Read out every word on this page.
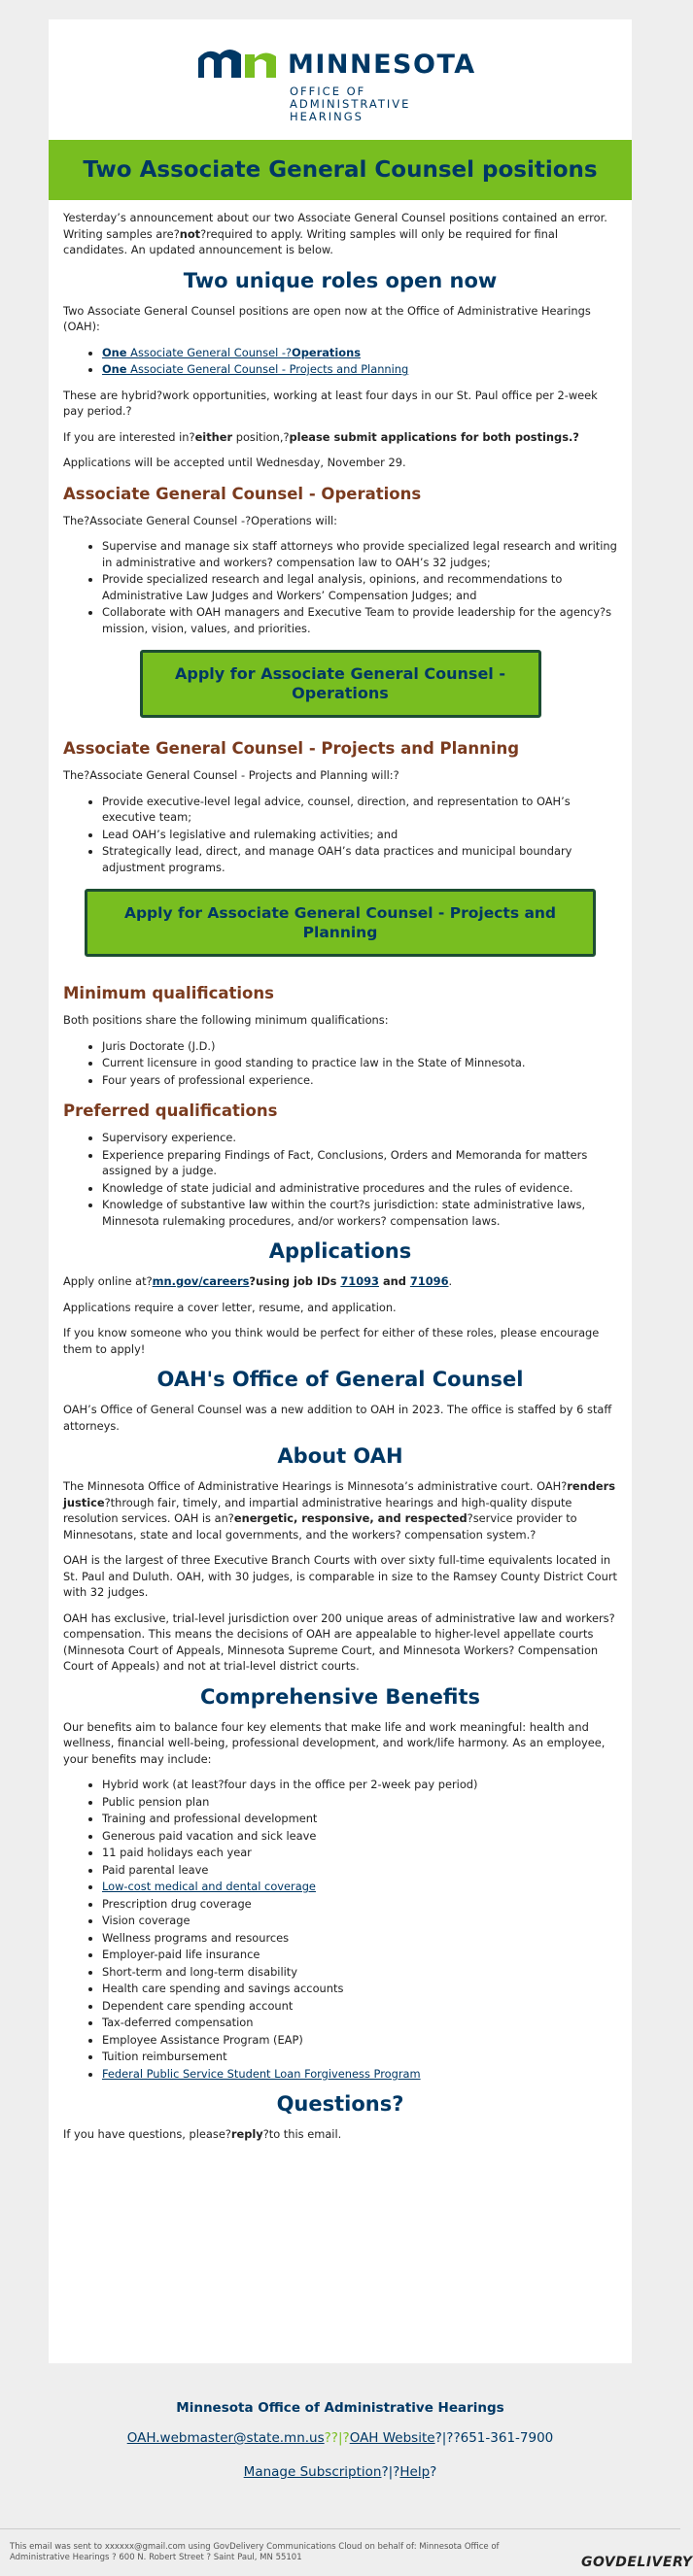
MINNESOTA
OFFICE OF
ADMINISTRATIVE
HEARINGS
Two Associate General Counsel positions

Yesterday’s announcement about our two Associate General Counsel positions contained an error. Writing samples are?not?required to apply. Writing samples will only be required for final candidates. An updated announcement is below.

Two unique roles open now

Two Associate General Counsel positions are open now at the Office of Administrative Hearings (OAH):

• One Associate General Counsel -?Operations
• One Associate General Counsel - Projects and Planning

These are hybrid?work opportunities, working at least four days in our St. Paul office per 2-week pay period.?

If you are interested in?either position,?please submit applications for both postings.?

Applications will be accepted until Wednesday, November 29.

Associate General Counsel - Operations

The?Associate General Counsel -?Operations will:

• Supervise and manage six staff attorneys who provide specialized legal research and writing in administrative and workers? compensation law to OAH’s 32 judges;
• Provide specialized research and legal analysis, opinions, and recommendations to Administrative Law Judges and Workers’ Compensation Judges; and
• Collaborate with OAH managers and Executive Team to provide leadership for the agency?s mission, vision, values, and priorities.
Apply for Associate General Counsel - Operations
Associate General Counsel - Projects and Planning

The?Associate General Counsel - Projects and Planning will:?

• Provide executive-level legal advice, counsel, direction, and representation to OAH’s executive team;
• Lead OAH’s legislative and rulemaking activities; and
• Strategically lead, direct, and manage OAH’s data practices and municipal boundary adjustment programs.
Apply for Associate General Counsel - Projects and Planning
Minimum qualifications

Both positions share the following minimum qualifications:

• Juris Doctorate (J.D.)
• Current licensure in good standing to practice law in the State of Minnesota.
• Four years of professional experience.
Preferred qualifications
• Supervisory experience.
• Experience preparing Findings of Fact, Conclusions, Orders and Memoranda for matters assigned by a judge.
• Knowledge of state judicial and administrative procedures and the rules of evidence.
• Knowledge of substantive law within the court?s jurisdiction: state administrative laws, Minnesota rulemaking procedures, and/or workers? compensation laws.
Applications

Apply online at?mn.gov/careers?using job IDs 71093 and 71096.

Applications require a cover letter, resume, and application.

If you know someone who you think would be perfect for either of these roles, please encourage them to apply!

OAH's Office of General Counsel

OAH’s Office of General Counsel was a new addition to OAH in 2023. The office is staffed by 6 staff attorneys.

About OAH

The Minnesota Office of Administrative Hearings is Minnesota’s administrative court. OAH?renders justice?through fair, timely, and impartial administrative hearings and high-quality dispute resolution services. OAH is an?energetic, responsive, and respected?service provider to Minnesotans, state and local governments, and the workers? compensation system.?

OAH is the largest of three Executive Branch Courts with over sixty full-time equivalents located in St. Paul and Duluth. OAH, with 30 judges, is comparable in size to the Ramsey County District Court with 32 judges.

OAH has exclusive, trial-level jurisdiction over 200 unique areas of administrative law and workers? compensation. This means the decisions of OAH are appealable to higher-level appellate courts (Minnesota Court of Appeals, Minnesota Supreme Court, and Minnesota Workers? Compensation Court of Appeals) and not at trial-level district courts.

Comprehensive Benefits

Our benefits aim to balance four key elements that make life and work meaningful: health and wellness, financial well-being, professional development, and work/life harmony. As an employee, your benefits may include:

• Hybrid work (at least?four days in the office per 2-week pay period)
• Public pension plan
• Training and professional development
• Generous paid vacation and sick leave
• 11 paid holidays each year
• Paid parental leave
• Low-cost medical and dental coverage
• Prescription drug coverage
• Vision coverage
• Wellness programs and resources
• Employer-paid life insurance
• Short-term and long-term disability
• Health care spending and savings accounts
• Dependent care spending account
• Tax-deferred compensation
• Employee Assistance Program (EAP)
• Tuition reimbursement
• Federal Public Service Student Loan Forgiveness Program
Questions?

If you have questions, please?reply?to this email.

Minnesota Office of Administrative Hearings
OAH.webmaster@state.mn.us??|?OAH Website?|??651-361-7900
Manage Subscription?|?Help?
This email was sent to xxxxxx@gmail.com using GovDelivery Communications Cloud on behalf of: Minnesota Office of Administrative Hearings ? 600 N. Robert Street ? Saint Paul, MN 55101	GOVDELIVERY
